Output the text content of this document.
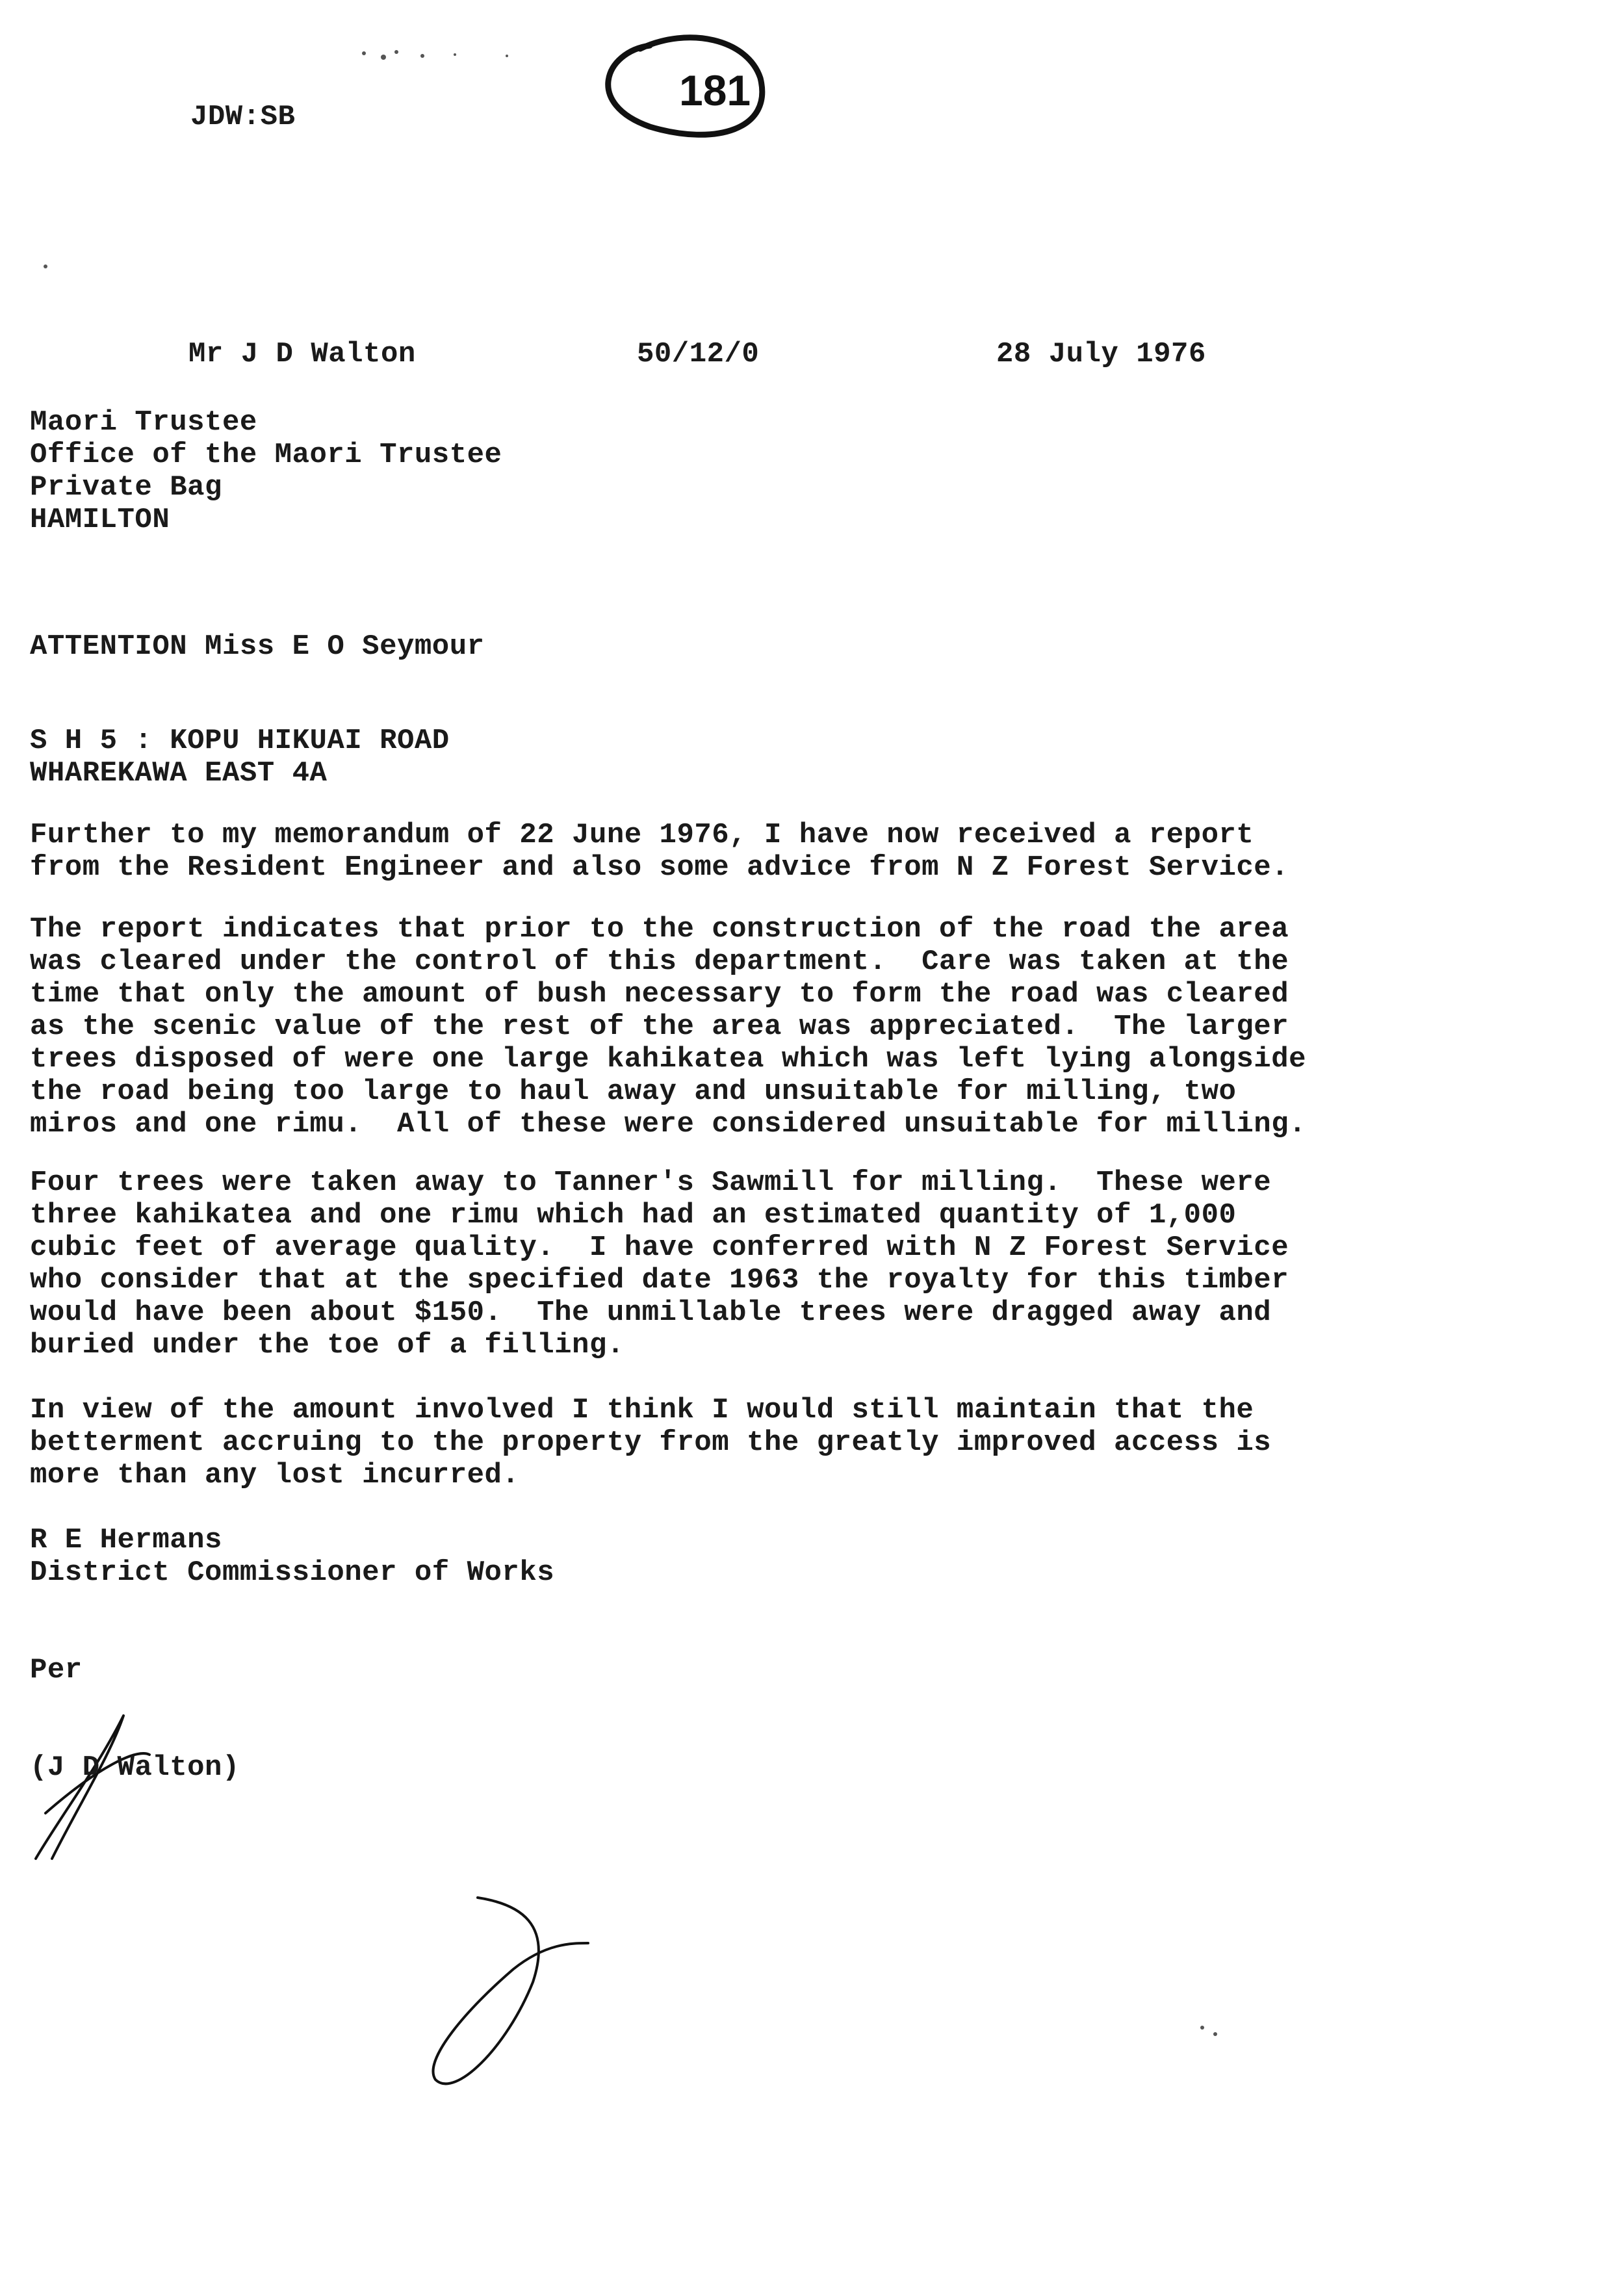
181
JDW:SB
Mr J D Walton	50/12/0	28 July 1976
Maori Trustee
Office of the Maori Trustee
Private Bag
HAMILTON
ATTENTION Miss E O Seymour
S H 5 : KOPU HIKUAI ROAD
WHAREKAWA EAST 4A
Further to my memorandum of 22 June 1976, I have now received a report
from the Resident Engineer and also some advice from N Z Forest Service.
The report indicates that prior to the construction of the road the area
was cleared under the control of this department.  Care was taken at the
time that only the amount of bush necessary to form the road was cleared
as the scenic value of the rest of the area was appreciated.  The larger
trees disposed of were one large kahikatea which was left lying alongside
the road being too large to haul away and unsuitable for milling, two
miros and one rimu.  All of these were considered unsuitable for milling.
Four trees were taken away to Tanner's Sawmill for milling.  These were
three kahikatea and one rimu which had an estimated quantity of 1,000
cubic feet of average quality.  I have conferred with N Z Forest Service
who consider that at the specified date 1963 the royalty for this timber
would have been about $150.  The unmillable trees were dragged away and
buried under the toe of a filling.
In view of the amount involved I think I would still maintain that the
betterment accruing to the property from the greatly improved access is
more than any lost incurred.
R E Hermans
District Commissioner of Works
Per
(J D Walton)
